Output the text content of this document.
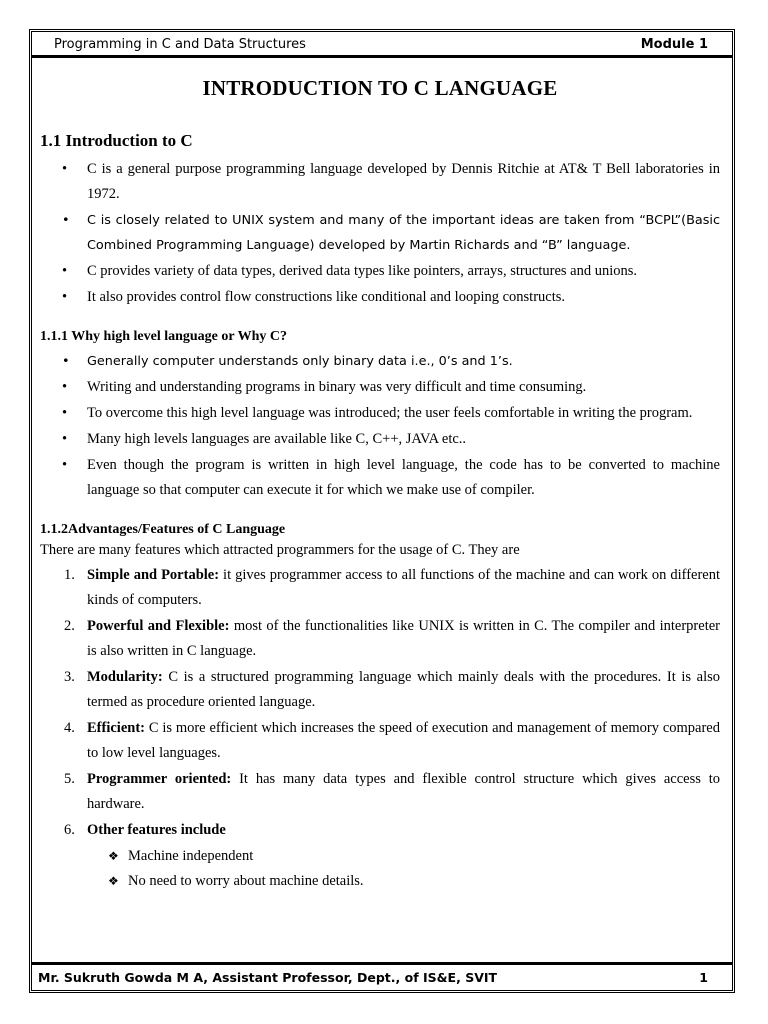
Programming in C and Data Structures	Module 1
INTRODUCTION TO C LANGUAGE
1.1 Introduction to C
• C is a general purpose programming language developed by Dennis Ritchie at AT& T Bell laboratories in 1972.
• C is closely related to UNIX system and many of the important ideas are taken from “BCPL”(Basic Combined Programming Language) developed by Martin Richards and “B” language.
• C provides variety of data types, derived data types like pointers, arrays, structures and unions.
• It also provides control flow constructions like conditional and looping constructs.
1.1.1 Why high level language or Why C?
• Generally computer understands only binary data i.e., 0’s and 1’s.
• Writing and understanding programs in binary was very difficult and time consuming.
• To overcome this high level language was introduced; the user feels comfortable in writing the program.
• Many high levels languages are available like C, C++, JAVA etc..
• Even though the program is written in high level language, the code has to be converted to machine language so that computer can execute it for which we make use of compiler.
1.1.2Advantages/Features of C Language

There are many features which attracted programmers for the usage of C. They are

1. Simple and Portable: it gives programmer access to all functions of the machine and can work on different kinds of computers.
2. Powerful and Flexible: most of the functionalities like UNIX is written in C. The compiler and interpreter is also written in C language.
3. Modularity: C is a structured programming language which mainly deals with the procedures. It is also termed as procedure oriented language.
4. Efficient: C is more efficient which increases the speed of execution and management of memory compared to low level languages.
5. Programmer oriented: It has many data types and flexible control structure which gives access to hardware.
6. Other features include
❖ Machine independent
❖ No need to worry about machine details.
Mr. Sukruth Gowda M A, Assistant Professor, Dept., of IS&E, SVIT	1
